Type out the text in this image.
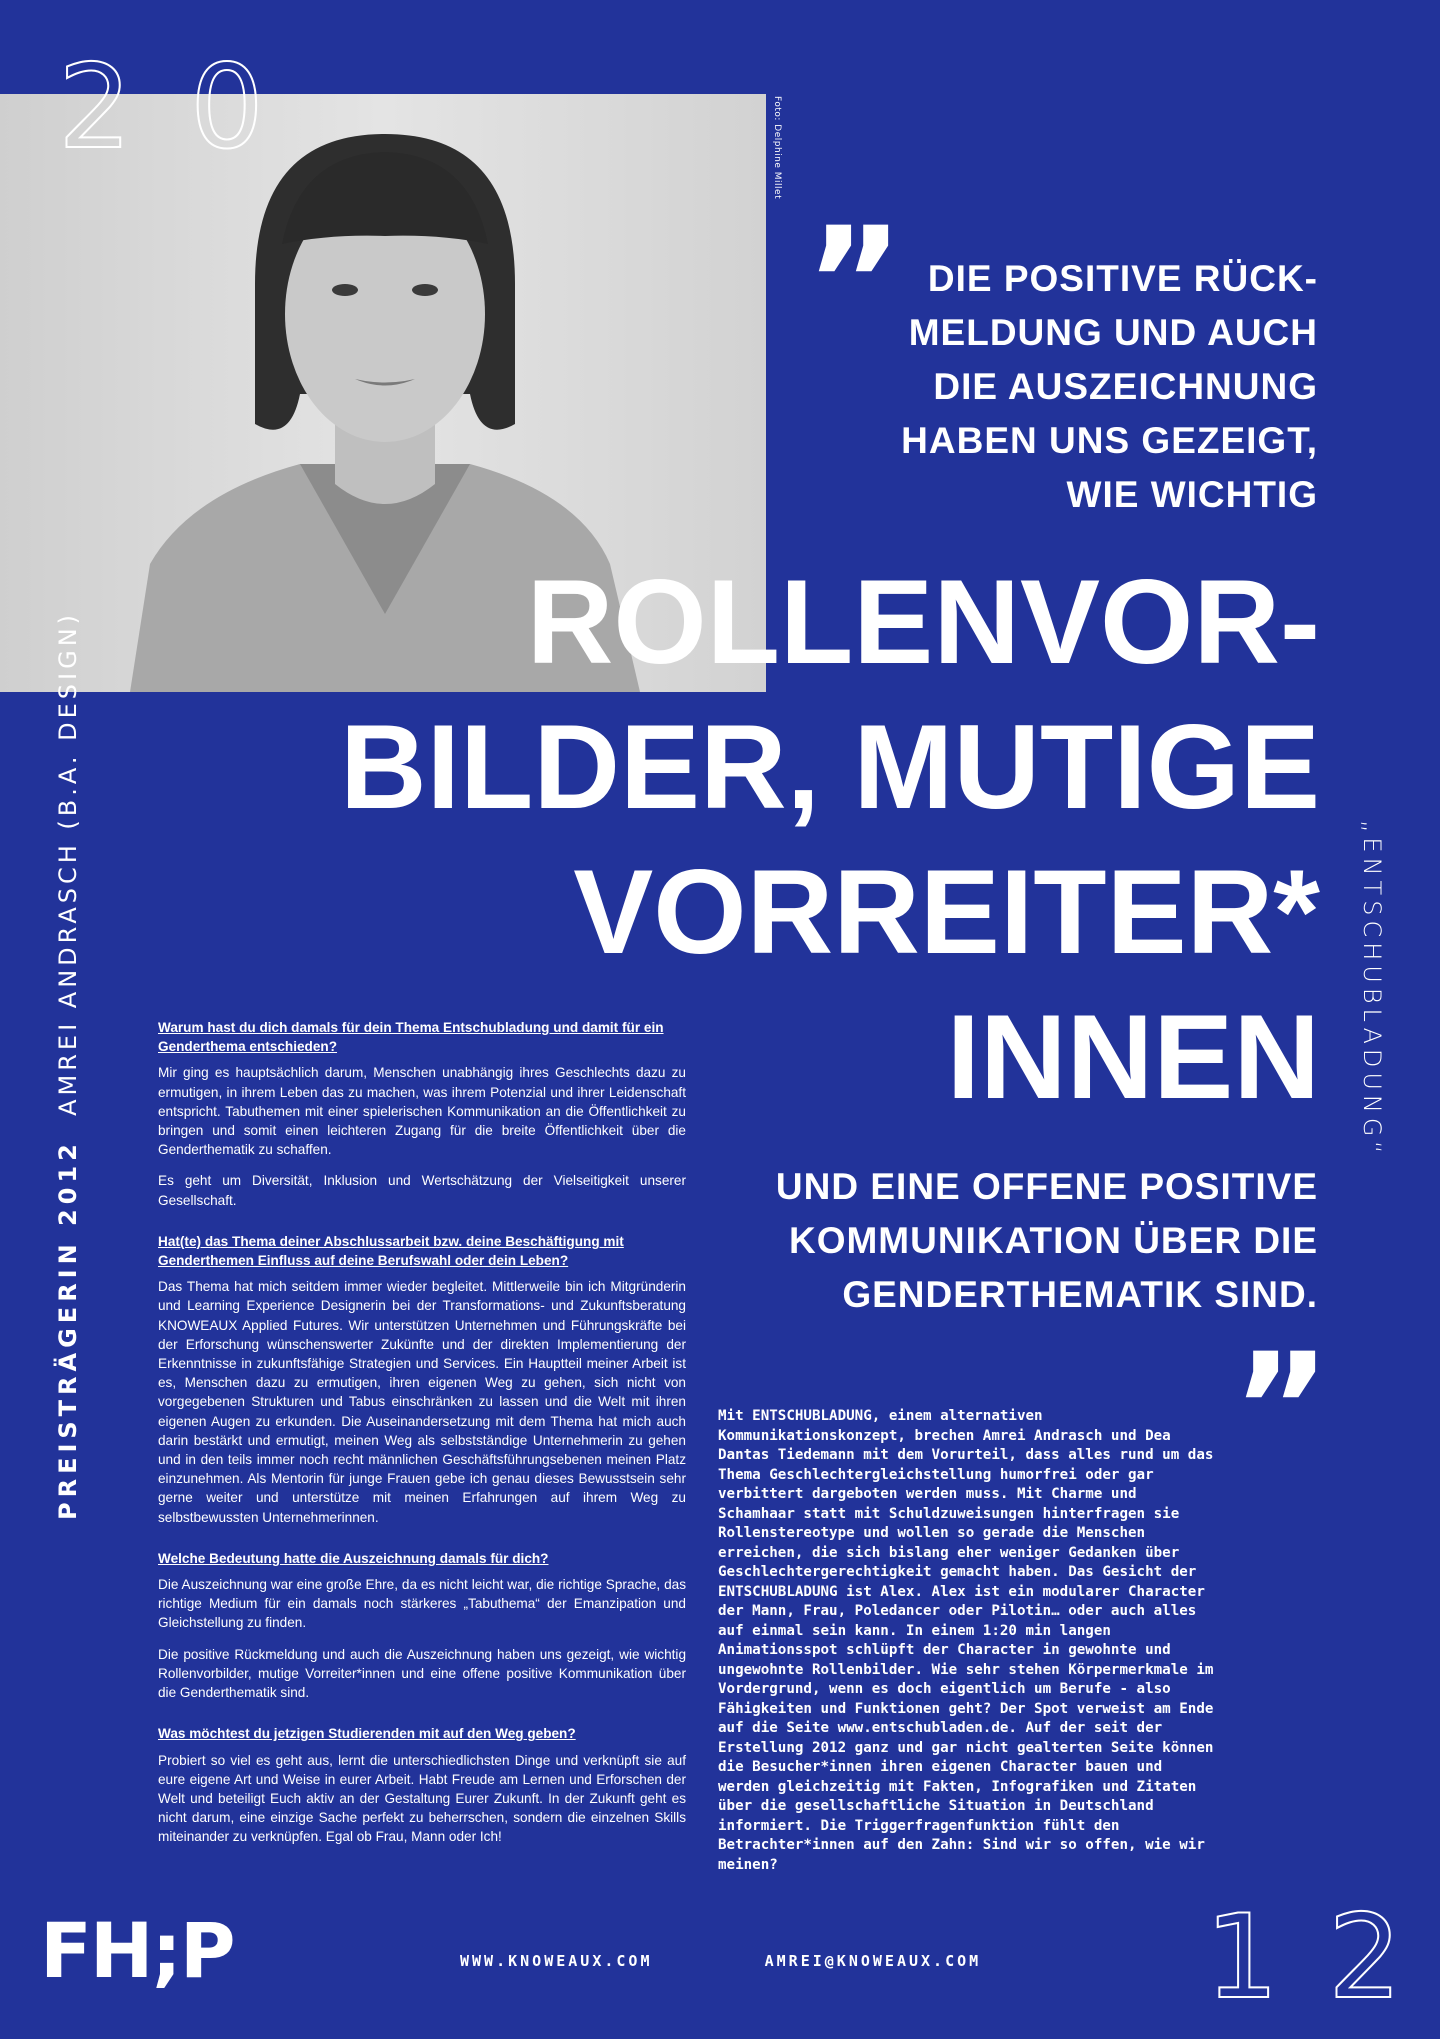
Foto: Delphine Millet
2 0
PREISTRÄGERIN 2012  AMREI ANDRASCH (B.A. DESIGN)	„ENTSCHUBLADUNG“
” DIE POSITIVE RÜCK-
MELDUNG UND AUCH
DIE AUSZEICHNUNG
HABEN UNS GEZEIGT,
WIE WICHTIG
ROLLENVOR-
BILDER, MUTIGE
VORREITER*
INNEN
UND EINE OFFENE POSITIVE
KOMMUNIKATION ÜBER DIE
GENDERTHEMATIK SIND.
”
Warum hast du dich damals für dein Thema Entschubladung und damit für ein Genderthema entschieden?

Mir ging es hauptsächlich darum, Menschen unabhängig ihres Geschlechts dazu zu ermutigen, in ihrem Leben das zu machen, was ihrem Potenzial und ihrer Leidenschaft entspricht. Tabuthemen mit einer spielerischen Kommunikation an die Öffentlichkeit zu bringen und somit einen leichteren Zugang für die breite Öffentlichkeit über die Genderthematik zu schaffen.

Es geht um Diversität, Inklusion und Wertschätzung der Vielseitigkeit unserer Gesellschaft.

Hat(te) das Thema deiner Abschlussarbeit bzw. deine Beschäftigung mit Genderthemen Einfluss auf deine Berufswahl oder dein Leben?

Das Thema hat mich seitdem immer wieder begleitet. Mittlerweile bin ich Mitgründerin und Learning Experience Designerin bei der Transformations- und Zukunftsberatung KNOWEAUX Applied Futures. Wir unterstützen Unternehmen und Führungskräfte bei der Erforschung wünschenswerter Zukünfte und der direkten Implementierung der Erkenntnisse in zukunftsfähige Strategien und Services. Ein Hauptteil meiner Arbeit ist es, Menschen dazu zu ermutigen, ihren eigenen Weg zu gehen, sich nicht von vorgegebenen Strukturen und Tabus einschränken zu lassen und die Welt mit ihren eigenen Augen zu erkunden. Die Auseinandersetzung mit dem Thema hat mich auch darin bestärkt und ermutigt, meinen Weg als selbstständige Unternehmerin zu gehen und in den teils immer noch recht männlichen Geschäftsführungsebenen meinen Platz einzunehmen. Als Mentorin für junge Frauen gebe ich genau dieses Bewusstsein sehr gerne weiter und unterstütze mit meinen Erfahrungen auf ihrem Weg zu selbstbewussten Unternehmerinnen.

Welche Bedeutung hatte die Auszeichnung damals für dich?

Die Auszeichnung war eine große Ehre, da es nicht leicht war, die richtige Sprache, das richtige Medium für ein damals noch stärkeres „Tabuthema“ der Emanzipation und Gleichstellung zu finden.

Die positive Rückmeldung und auch die Auszeichnung haben uns gezeigt, wie wichtig Rollenvorbilder, mutige Vorreiter*innen und eine offene positive Kommunikation über die Genderthematik sind.

Was möchtest du jetzigen Studierenden mit auf den Weg geben?

Probiert so viel es geht aus, lernt die unterschiedlichsten Dinge und verknüpft sie auf eure eigene Art und Weise in eurer Arbeit. Habt Freude am Lernen und Erforschen der Welt und beteiligt Euch aktiv an der Gestaltung Eurer Zukunft. In der Zukunft geht es nicht darum, eine einzige Sache perfekt zu beherrschen, sondern die einzelnen Skills miteinander zu verknüpfen. Egal ob Frau, Mann oder Ich!

Mit ENTSCHUBLADUNG, einem alternativen Kommunikationskonzept, brechen Amrei Andrasch und Dea Dantas Tiedemann mit dem Vorurteil, dass alles rund um das Thema Geschlechtergleichstellung humorfrei oder gar verbittert dargeboten werden muss. Mit Charme und Schamhaar statt mit Schuldzuweisungen hinterfragen sie Rollenstereotype und wollen so gerade die Menschen erreichen, die sich bislang eher weniger Gedanken über Geschlechtergerechtigkeit gemacht haben. Das Gesicht der ENTSCHUBLADUNG ist Alex. Alex ist ein modularer Character der Mann, Frau, Poledancer oder Pilotin… oder auch alles auf einmal sein kann. In einem 1:20 min langen Animationsspot schlüpft der Character in gewohnte und ungewohnte Rollenbilder. Wie sehr stehen Körpermerkmale im Vordergrund, wenn es doch eigentlich um Berufe - also Fähigkeiten und Funktionen geht? Der Spot verweist am Ende auf die Seite www.entschubladen.de. Auf der seit der Erstellung 2012 ganz und gar nicht gealterten Seite können die Besucher*innen ihren eigenen Character bauen und werden gleichzeitig mit Fakten, Infografiken und Zitaten über die gesellschaftliche Situation in Deutschland informiert. Die Triggerfragenfunktion fühlt den Betrachter*innen auf den Zahn: Sind wir so offen, wie wir meinen?
FH;P	WWW.KNOWEAUX.COM	AMREI@KNOWEAUX.COM 1 2
